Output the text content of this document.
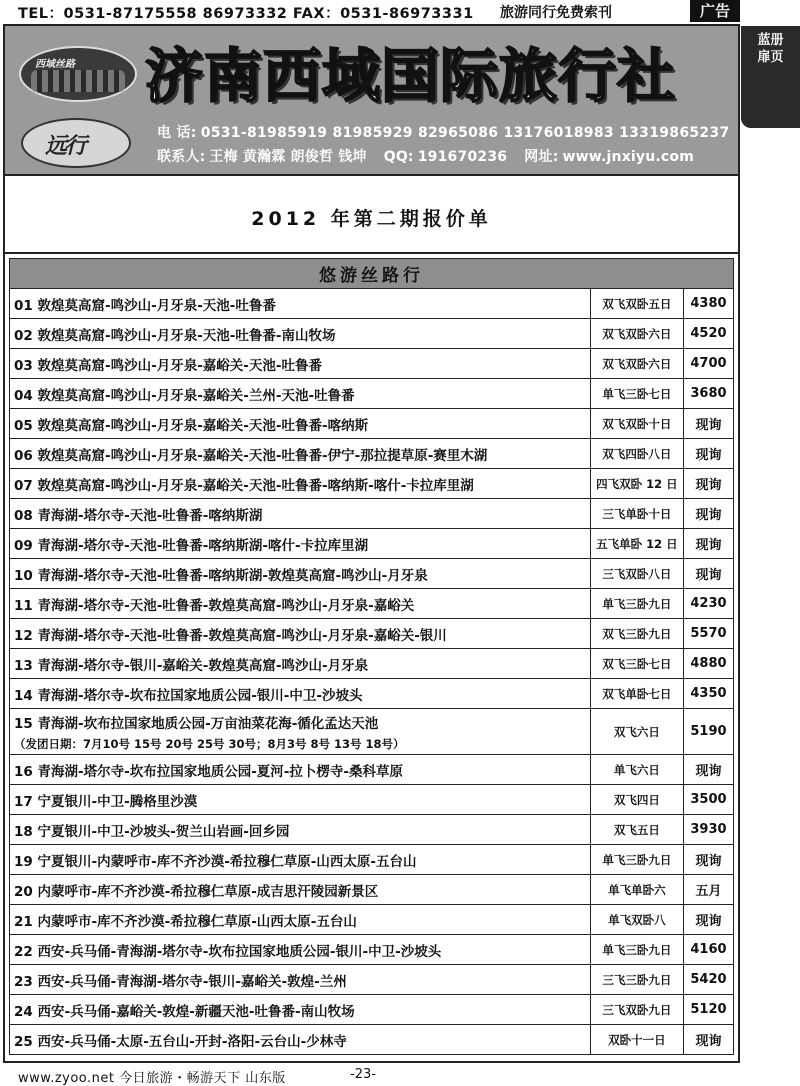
TEL：0531-87175558 86973332 FAX：0531-86973331 旅游同行免费索刊	广告
蓝册
扉页
西域丝路
远行
济南西域国际旅行社
电 话: 0531-81985919 81985929 82965086 13176018983 13319865237
联系人: 王梅 黄瀚霖 朗俊哲 钱坤 QQ: 191670236 网址: www.jnxiyu.com
2012 年第二期报价单
悠游丝路行		
01 敦煌莫高窟-鸣沙山-月牙泉-天池-吐鲁番	双飞双卧五日	4380
02 敦煌莫高窟-鸣沙山-月牙泉-天池-吐鲁番-南山牧场	双飞双卧六日	4520
03 敦煌莫高窟-鸣沙山-月牙泉-嘉峪关-天池-吐鲁番	双飞双卧六日	4700
04 敦煌莫高窟-鸣沙山-月牙泉-嘉峪关-兰州-天池-吐鲁番	单飞三卧七日	3680
05 敦煌莫高窟-鸣沙山-月牙泉-嘉峪关-天池-吐鲁番-喀纳斯	双飞双卧十日	现询
06 敦煌莫高窟-鸣沙山-月牙泉-嘉峪关-天池-吐鲁番-伊宁-那拉提草原-赛里木湖	双飞四卧八日	现询
07 敦煌莫高窟-鸣沙山-月牙泉-嘉峪关-天池-吐鲁番-喀纳斯-喀什-卡拉库里湖	四飞双卧 12 日	现询
08 青海湖-塔尔寺-天池-吐鲁番-喀纳斯湖	三飞单卧十日	现询
09 青海湖-塔尔寺-天池-吐鲁番-喀纳斯湖-喀什-卡拉库里湖	五飞单卧 12 日	现询
10 青海湖-塔尔寺-天池-吐鲁番-喀纳斯湖-敦煌莫高窟-鸣沙山-月牙泉	三飞双卧八日	现询
11 青海湖-塔尔寺-天池-吐鲁番-敦煌莫高窟-鸣沙山-月牙泉-嘉峪关	单飞三卧九日	4230
12 青海湖-塔尔寺-天池-吐鲁番-敦煌莫高窟-鸣沙山-月牙泉-嘉峪关-银川	双飞三卧九日	5570
13 青海湖-塔尔寺-银川-嘉峪关-敦煌莫高窟-鸣沙山-月牙泉	双飞三卧七日	4880
14 青海湖-塔尔寺-坎布拉国家地质公园-银川-中卫-沙坡头	双飞单卧七日	4350
15 青海湖-坎布拉国家地质公园-万亩油菜花海-循化孟达天池
（发团日期：7月10号 15号 20号 25号 30号；8月3号 8号 13号 18号）	双飞六日	5190
16 青海湖-塔尔寺-坎布拉国家地质公园-夏河-拉卜楞寺-桑科草原	单飞六日	现询
17 宁夏银川-中卫-腾格里沙漠	双飞四日	3500
18 宁夏银川-中卫-沙坡头-贺兰山岩画-回乡园	双飞五日	3930
19 宁夏银川-内蒙呼市-库不齐沙漠-希拉穆仁草原-山西太原-五台山	单飞三卧九日	现询
20 内蒙呼市-库不齐沙漠-希拉穆仁草原-成吉思汗陵园新景区	单飞单卧六	五月
21 内蒙呼市-库不齐沙漠-希拉穆仁草原-山西太原-五台山	单飞双卧八	现询
22 西安-兵马俑-青海湖-塔尔寺-坎布拉国家地质公园-银川-中卫-沙坡头	单飞三卧九日	4160
23 西安-兵马俑-青海湖-塔尔寺-银川-嘉峪关-敦煌-兰州	三飞三卧九日	5420
24 西安-兵马俑-嘉峪关-敦煌-新疆天池-吐鲁番-南山牧场	三飞双卧九日	5120
25 西安-兵马俑-太原-五台山-开封-洛阳-云台山-少林寺	双卧十一日	现询
www.zyoo.net 今日旅游・畅游天下 山东版	-23-
